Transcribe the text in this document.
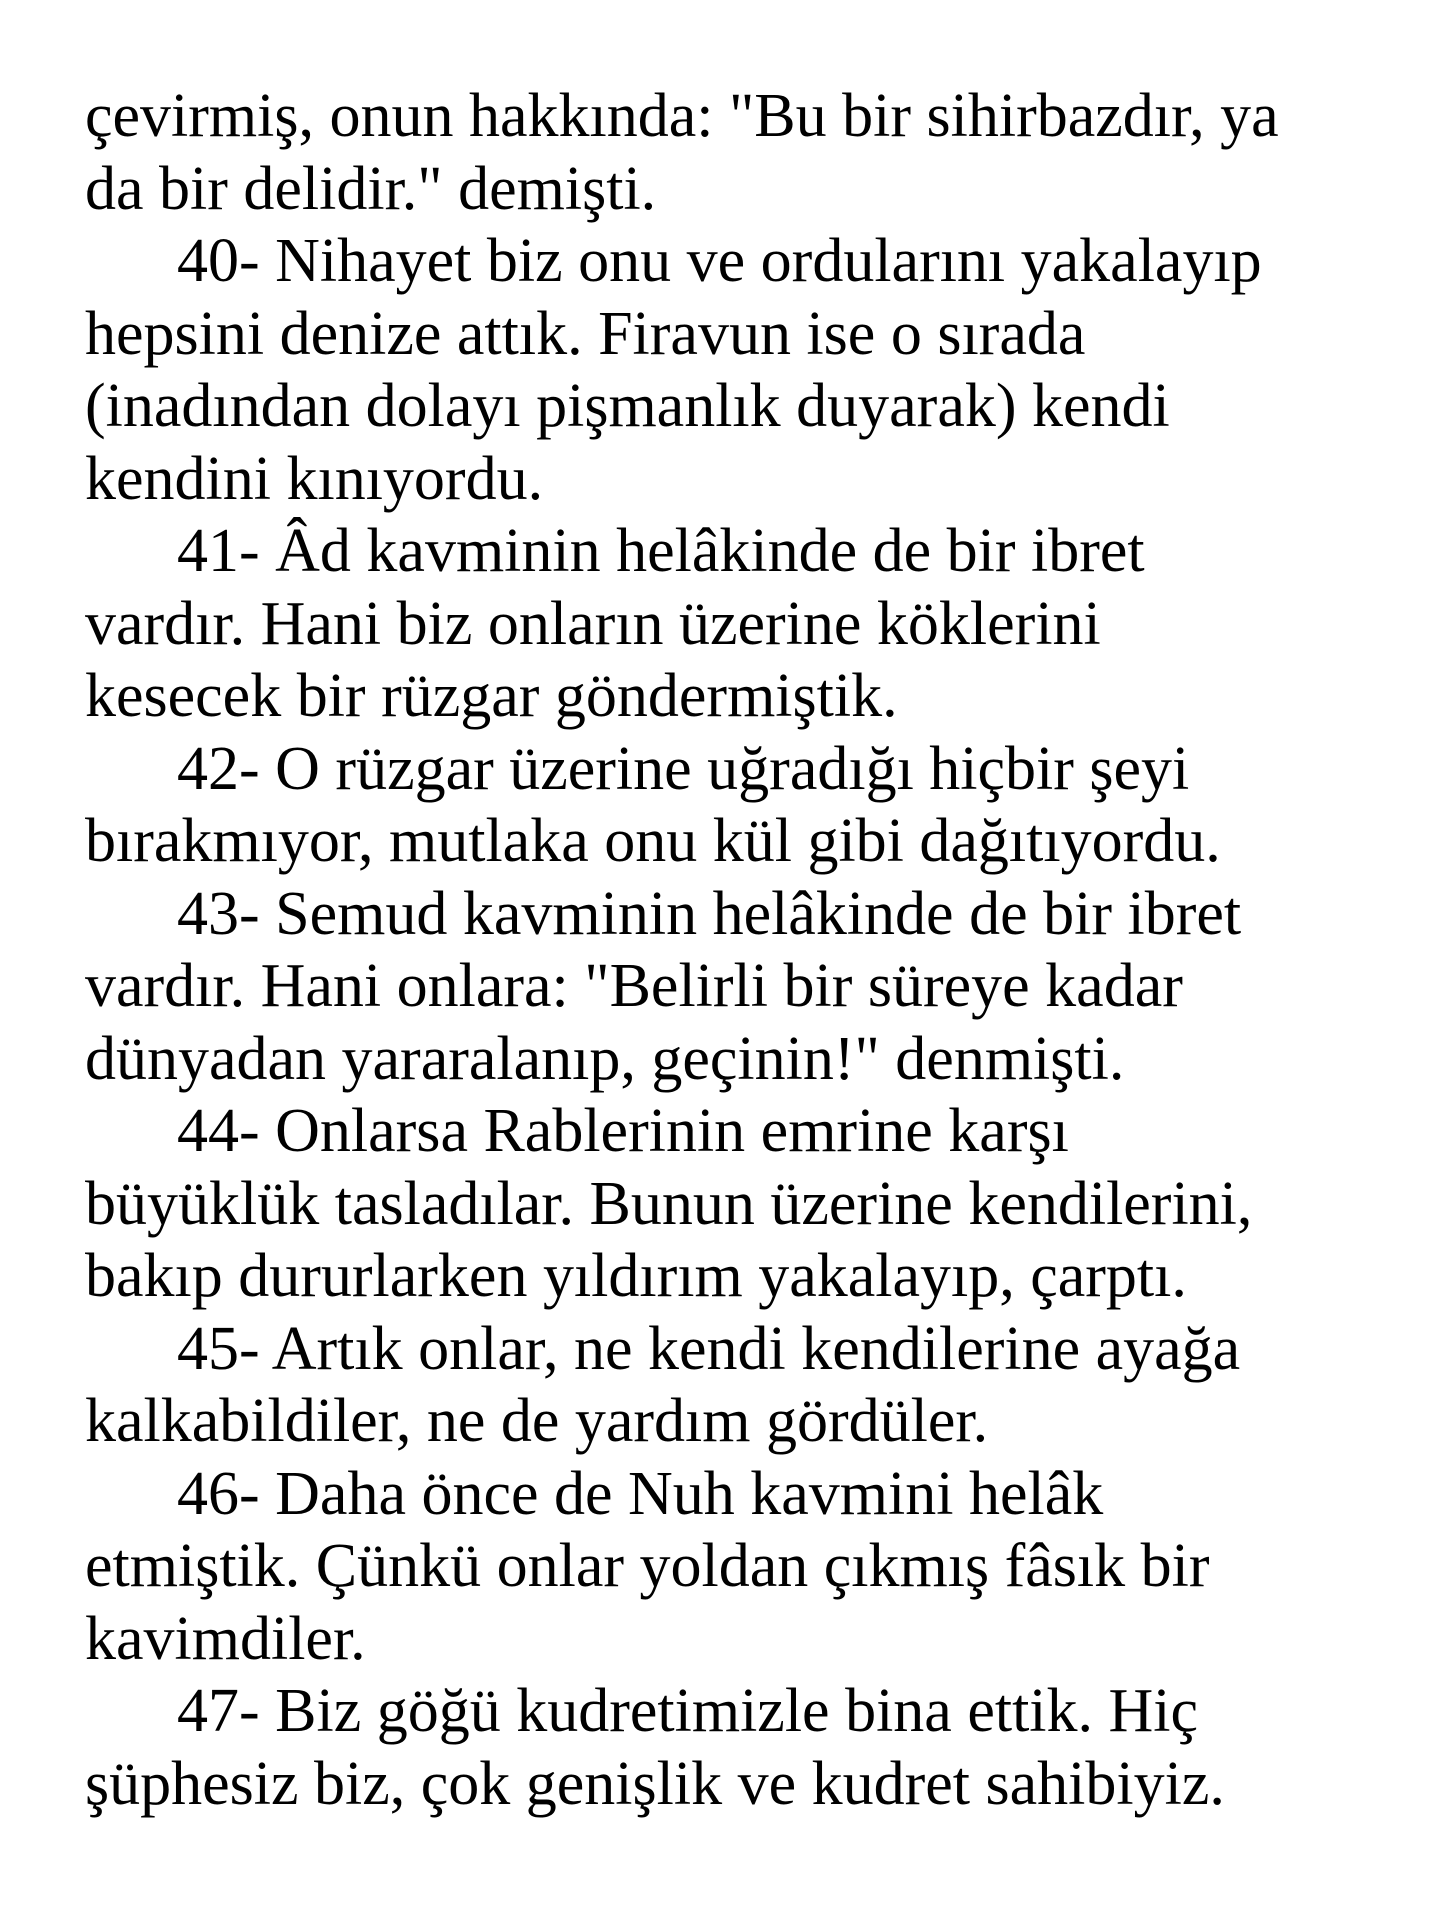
çevirmiş, onun hakkında: "Bu bir sihirbazdır, ya
da bir delidir." demişti.
40- Nihayet biz onu ve ordularını yakalayıp
hepsini denize attık. Firavun ise o sırada
(inadından dolayı pişmanlık duyarak) kendi
kendini kınıyordu.
41- Âd kavminin helâkinde de bir ibret
vardır. Hani biz onların üzerine köklerini
kesecek bir rüzgar göndermiştik.
42- O rüzgar üzerine uğradığı hiçbir şeyi
bırakmıyor, mutlaka onu kül gibi dağıtıyordu.
43- Semud kavminin helâkinde de bir ibret
vardır. Hani onlara: "Belirli bir süreye kadar
dünyadan yararalanıp, geçinin!" denmişti.
44- Onlarsa Rablerinin emrine karşı
büyüklük tasladılar. Bunun üzerine kendilerini,
bakıp dururlarken yıldırım yakalayıp, çarptı.
45- Artık onlar, ne kendi kendilerine ayağa
kalkabildiler, ne de yardım gördüler.
46- Daha önce de Nuh kavmini helâk
etmiştik. Çünkü onlar yoldan çıkmış fâsık bir
kavimdiler.
47- Biz göğü kudretimizle bina ettik. Hiç
şüphesiz biz, çok genişlik ve kudret sahibiyiz.
